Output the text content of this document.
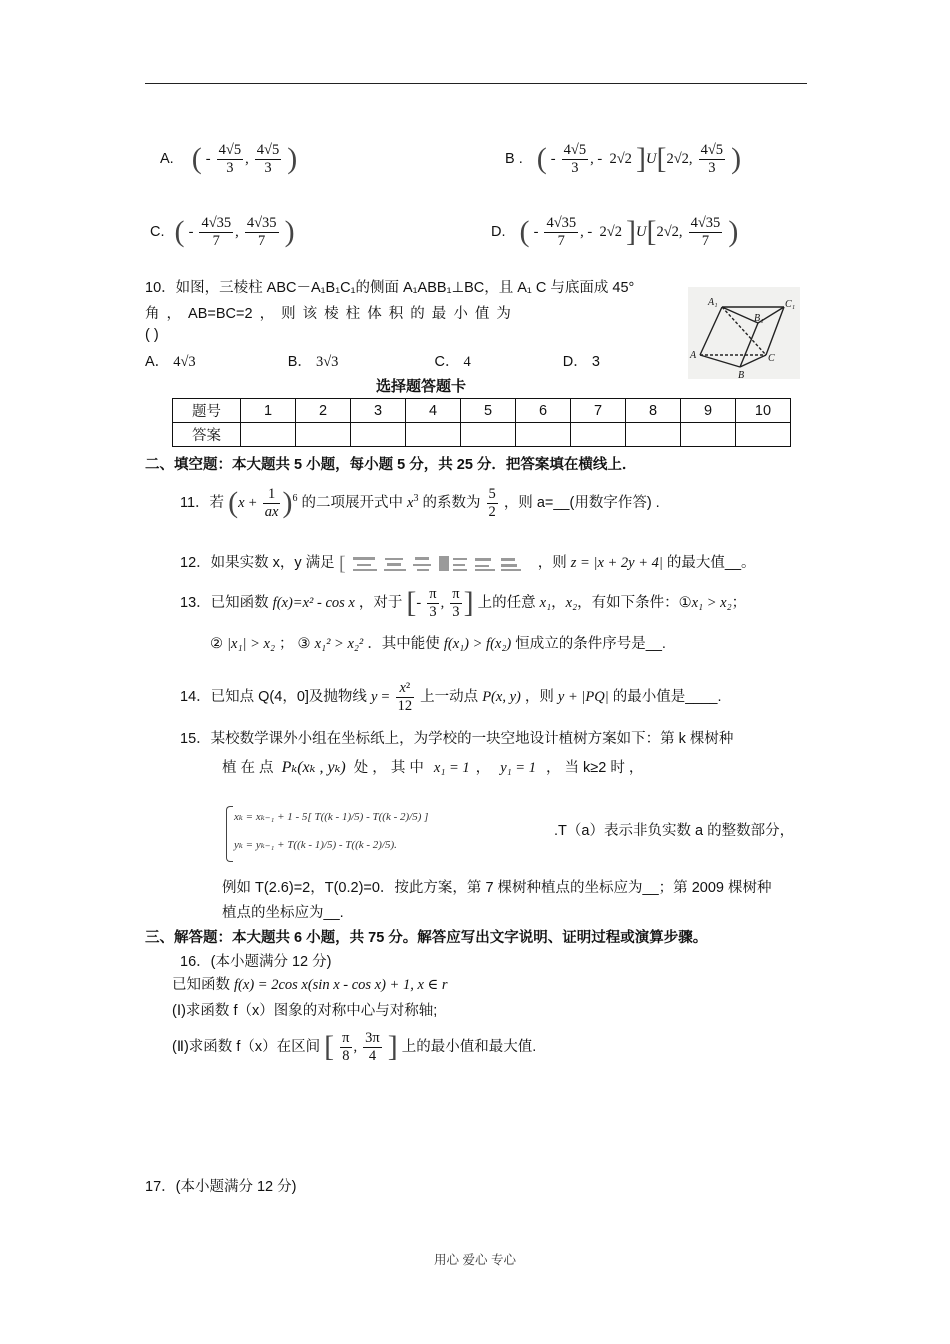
A. ( - $\frac{4√5}{3}$ , $\frac{4√5}{3}$ )	B . ( - $\frac{4√5}{3}$ , -  2√2 ]U[2√2, $\frac{4√5}{3}$ )
C. ( - $\frac{4√35}{7}$ , $\frac{4√35}{7}$ )	D. ( - $\frac{4√35}{7}$ , -  2√2 ]U[2√2, $\frac{4√35}{7}$ )
10．如图，三棱柱 ABC－A₁B₁C₁的侧面 A₁ABB₁⊥BC，且 A₁ C 与底面成 45°
角 ， AB=BC=2 ， 则 该 棱 柱 体 积 的 最 小 值 为
( )
A． 4√3	B． 3√3	C． 4	D． 3
A₁
B₁
C₁
A
B
C
选择题答题卡
题号	1	2	3	4	5	6	7	8	9	10
答案										
二、填空题：本大题共 5 小题，每小题 5 分，共 25 分．把答案填在横线上．
11．若 $(x + \frac{1}{ax} )^6$ 的二项展开式中 $x^3$ 的系数为 $\frac{5}{2}$ ，则 a=__(用数字作答) .
12．如果实数 x，y 满足 [	，则 z = |x + 2y + 4| 的最大值__。
13．已知函数 f(x)=x² - cos x ，对于 [- $\frac{\pi}{3}$ , $\frac{\pi}{3}$ ] 上的任意 x₁，x₂，有如下条件：①x₁ > x₂；
② |x₁| > x₂ ； ③ x₁² > x₂² ．其中能使 f(x₁) > f(x₂) 恒成立的条件序号是__.
14．已知点 Q(4，0]及抛物线 $y = \frac{\text{x²}}{12}$ 上一动点 P(x, y) ，则 y + |PQ| 的最小值是____.
15．某校数学课外小组在坐标纸上，为学校的一块空地设计植树方案如下：第 k 棵树种
植 在 点 Pₖ(xₖ , yₖ) 处 ， 其 中 x₁ = 1 ， y₁ = 1 ， 当 k≥2 时 ，
xₖ = xₖ₋₁ + 1 - 5[ T((k - 1)/5) - T((k - 2)/5) ]
yₖ = yₖ₋₁ + T((k - 1)/5) - T((k - 2)/5).
.T（a）表示非负实数 a 的整数部分，
例如 T(2.6)=2，T(0.2)=0．按此方案，第 7 棵树种植点的坐标应为__；第 2009 棵树种
植点的坐标应为__.
三、解答题：本大题共 6 小题，共 75 分。解答应写出文字说明、证明过程或演算步骤。
16．(本小题满分 12 分)
已知函数 f(x) = 2cos x(sin x - cos x) + 1, x ∈ r
(Ⅰ)求函数 f（x）图象的对称中心与对称轴;
(Ⅱ)求函数 f（x）在区间 [ $\frac{\pi}{8}$ , $\frac{3\pi}{4}$ ] 上的最小值和最大值.
17．(本小题满分 12 分)
用心 爱心 专心
